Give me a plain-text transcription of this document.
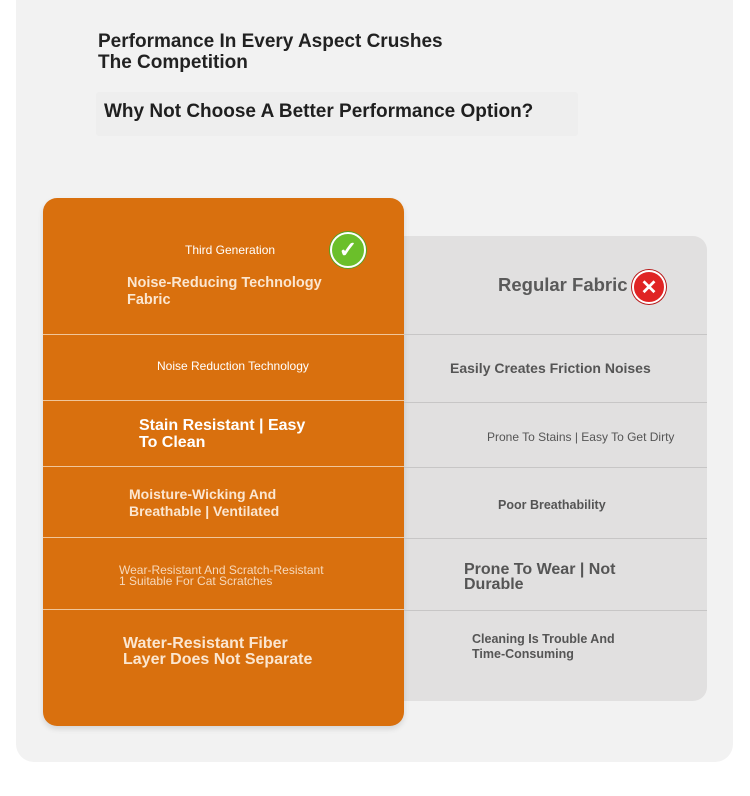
Performance In Every Aspect Crushes
The Competition
Why Not Choose A Better Performance Option?
Third Generation
Noise-Reducing Technology
Fabric
✓
Regular Fabric ✕
Noise Reduction Technology
Stain Resistant | Easy
To Clean
Moisture-Wicking And
Breathable | Ventilated
Wear-Resistant And Scratch-Resistant
1 Suitable For Cat Scratches
Water-Resistant Fiber
Layer Does Not Separate
Easily Creates Friction Noises
Prone To Stains | Easy To Get Dirty
Poor Breathability
Prone To Wear | Not
Durable
Cleaning Is Trouble And
Time-Consuming
